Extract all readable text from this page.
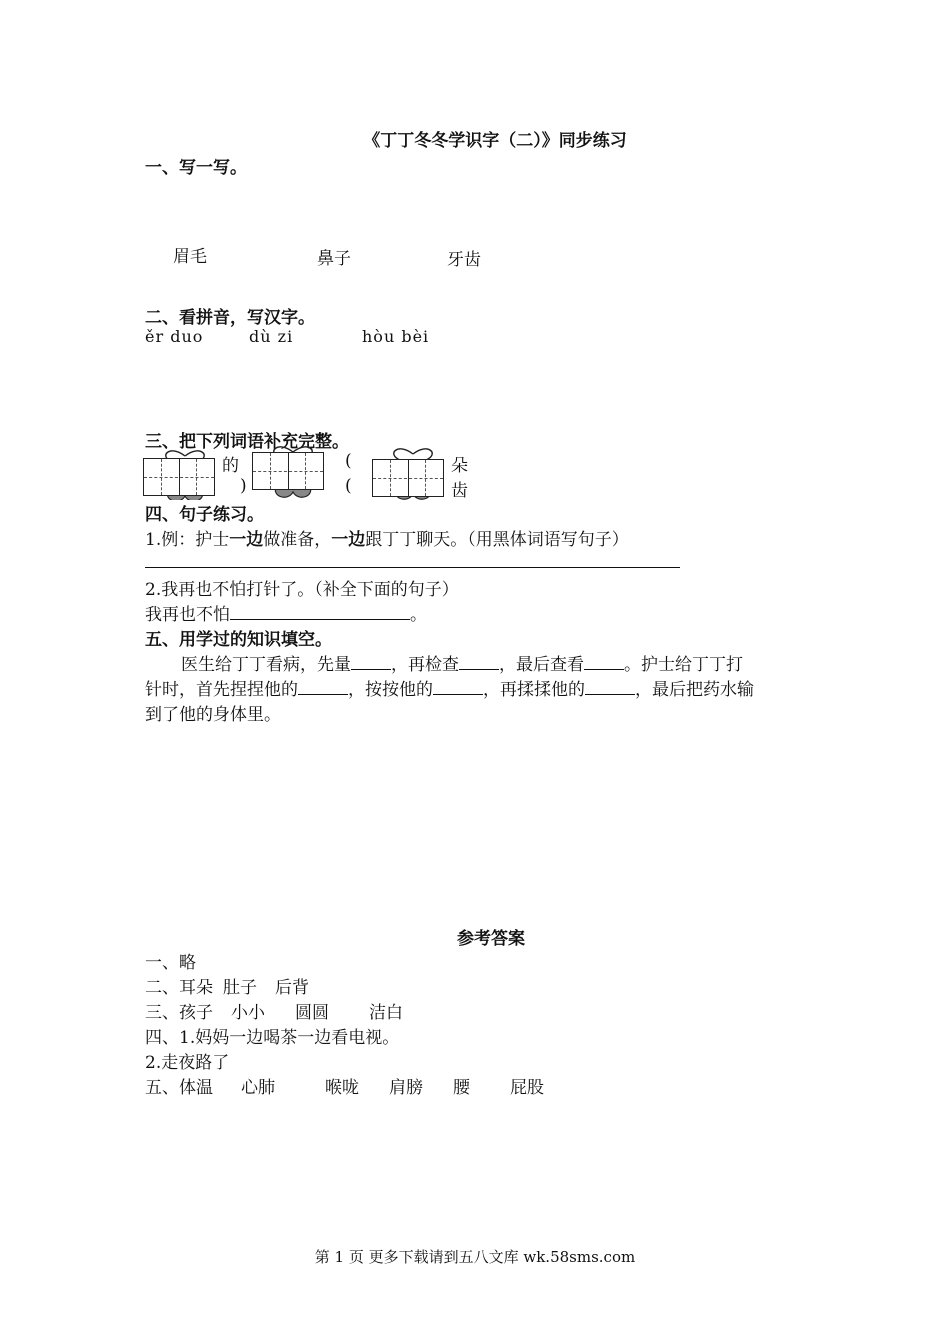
《丁丁冬冬学识字（二）》同步练习
一、写一写。
眉毛	鼻子	牙齿
二、看拼音，写汉字。
ěr duo	dù zi	hòu bèi
三、把下列词语补充完整。
的	(	朵
)	(	齿
四、句子练习。
1.例：护士一边做准备，一边跟丁丁聊天。（用黑体词语写句子）
2.我再也不怕打针了。（补全下面的句子）
我再也不怕	。
五、用学过的知识填空。
医生给丁丁看病，先量 ，再检查 ，最后查看 。护士给丁丁打
针时，首先捏捏他的	，按按他的	，再揉揉他的	，最后把药水输
到了他的身体里。
参考答案
一、略
二、耳朵 肚子 后背
三、孩子 小小 圆圆 洁白
四、1.妈妈一边喝茶一边看电视。
2.走夜路了
五、体温 心肺	喉咙 肩膀 腰 屁股
第 1 页 更多下载请到五八文库 wk.58sms.com
